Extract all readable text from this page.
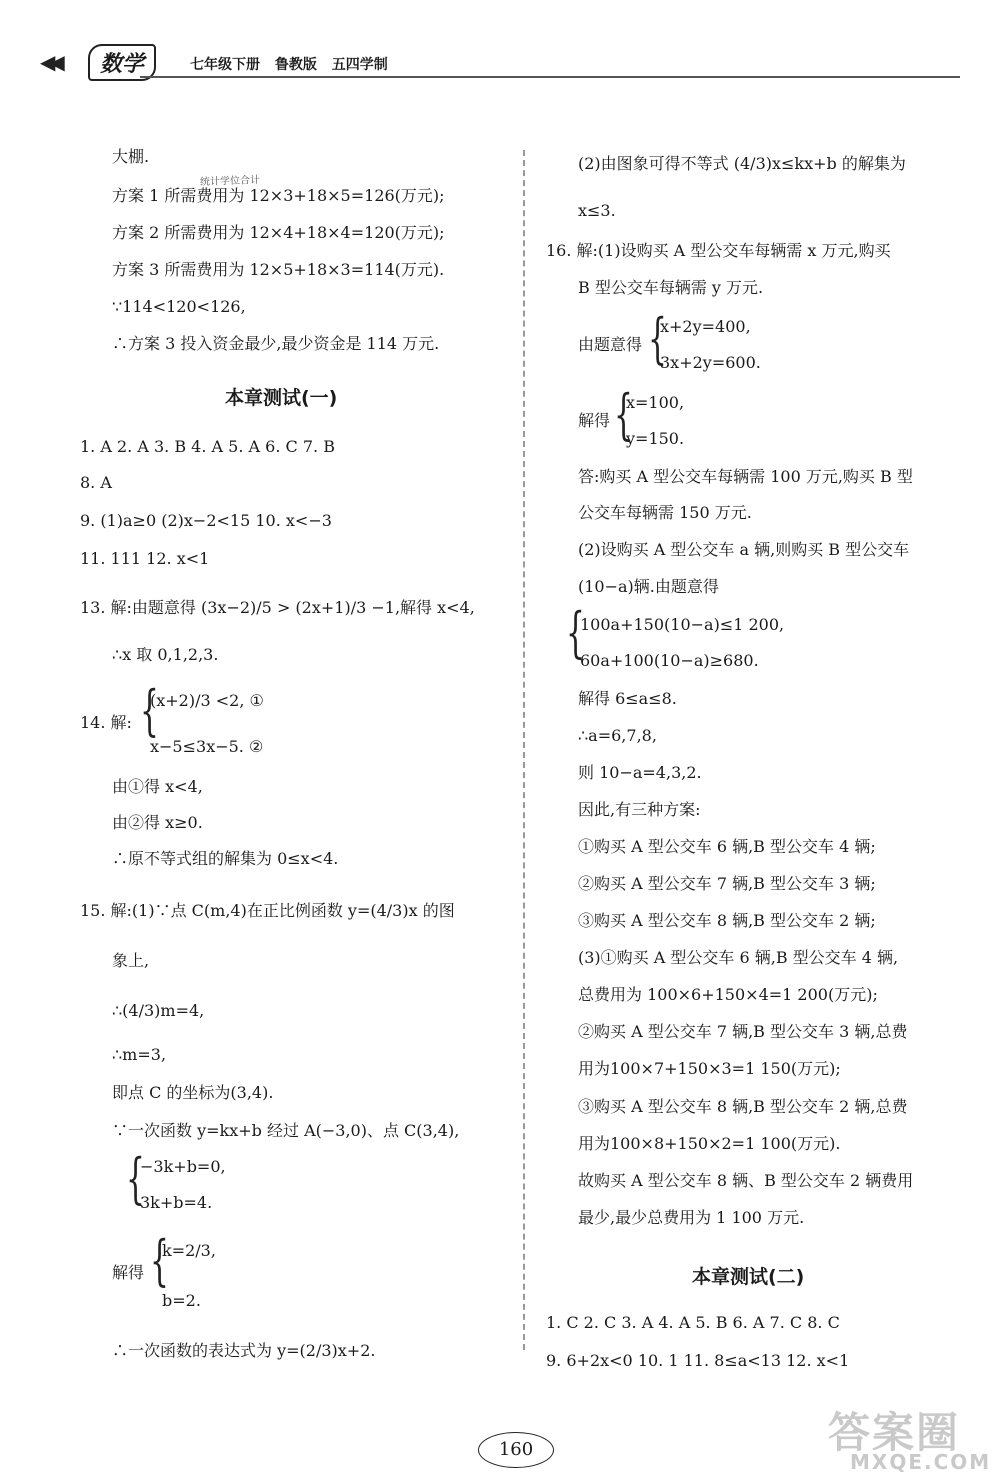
◀◀	数学	七年级下册 鲁教版 五四学制
大棚.
统计学位合计
方案 1 所需费用为 12×3+18×5=126(万元);
方案 2 所需费用为 12×4+18×4=120(万元);
方案 3 所需费用为 12×5+18×3=114(万元).
∵114<120<126,
∴方案 3 投入资金最少,最少资金是 114 万元.
本章测试(一)
1. A 2. A 3. B 4. A 5. A 6. C 7. B
8. A
9. (1)a≥0 (2)x−2<15 10. x<−3
11. 111 12. x<1
13. 解:由题意得 (3x−2)/5 > (2x+1)/3 −1,解得 x<4,
∴x 取 0,1,2,3.
14. 解: {
(x+2)/3 <2, ①
x−5≤3x−5. ②
由①得 x<4,
由②得 x≥0.
∴原不等式组的解集为 0≤x<4.
15. 解:(1)∵点 C(m,4)在正比例函数 y=(4/3)x 的图
象上,
∴(4/3)m=4,
∴m=3,
即点 C 的坐标为(3,4).
∵一次函数 y=kx+b 经过 A(−3,0)、点 C(3,4),
{
−3k+b=0,
3k+b=4.
解得 {
k=2/3,
b=2.
∴一次函数的表达式为 y=(2/3)x+2.
(2)由图象可得不等式 (4/3)x≤kx+b 的解集为
x≤3.
16. 解:(1)设购买 A 型公交车每辆需 x 万元,购买
B 型公交车每辆需 y 万元.
由题意得 {
x+2y=400,
3x+2y=600.
解得 {
x=100,
y=150.
答:购买 A 型公交车每辆需 100 万元,购买 B 型
公交车每辆需 150 万元.
(2)设购买 A 型公交车 a 辆,则购买 B 型公交车
(10−a)辆.由题意得
{
100a+150(10−a)≤1 200,
60a+100(10−a)≥680.
解得 6≤a≤8.
∴a=6,7,8,
则 10−a=4,3,2.
因此,有三种方案:
①购买 A 型公交车 6 辆,B 型公交车 4 辆;
②购买 A 型公交车 7 辆,B 型公交车 3 辆;
③购买 A 型公交车 8 辆,B 型公交车 2 辆;
(3)①购买 A 型公交车 6 辆,B 型公交车 4 辆,
总费用为 100×6+150×4=1 200(万元);
②购买 A 型公交车 7 辆,B 型公交车 3 辆,总费
用为100×7+150×3=1 150(万元);
③购买 A 型公交车 8 辆,B 型公交车 2 辆,总费
用为100×8+150×2=1 100(万元).
故购买 A 型公交车 8 辆、B 型公交车 2 辆费用
最少,最少总费用为 1 100 万元.
本章测试(二)
1. C 2. C 3. A 4. A 5. B 6. A 7. C 8. C
9. 6+2x<0 10. 1 11. 8≤a<13 12. x<1
160	答案圈
MXQE.COM
